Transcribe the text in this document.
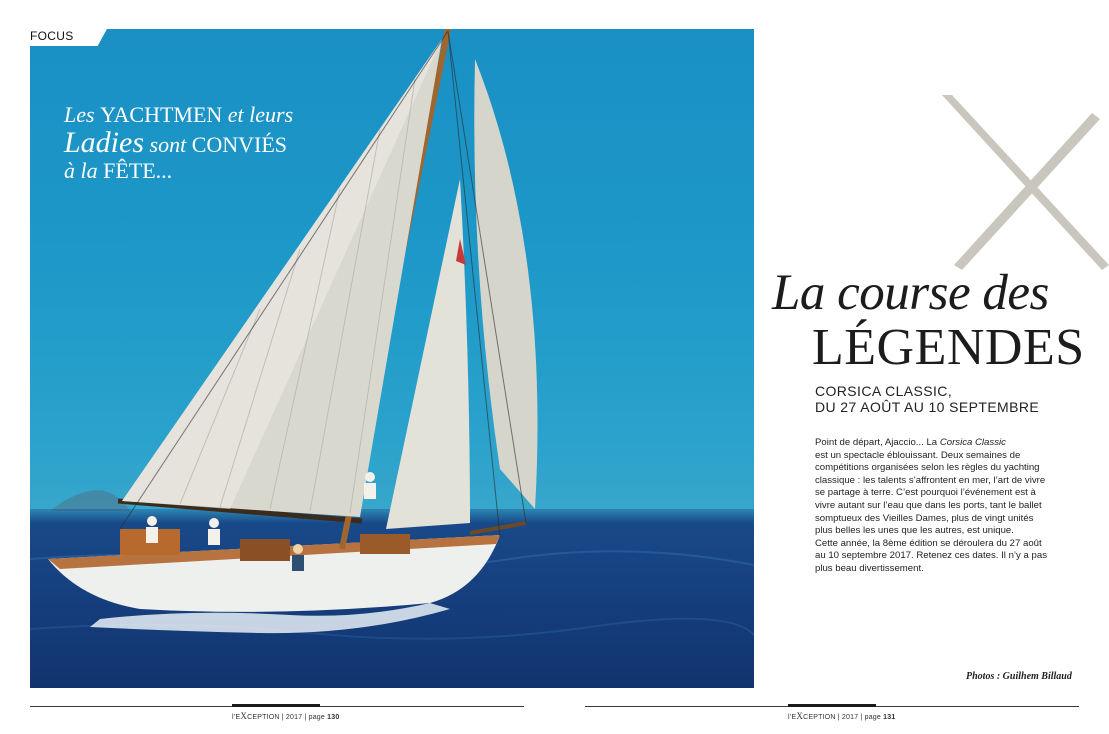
FOCUS
Les YACHTMEN et leurs
Ladies sont CONVIÉS
à la FÊTE...
La course des
LÉGENDES
CORSICA CLASSIC,
DU 27 AOÛT AU 10 SEPTEMBRE
Point de départ, Ajaccio... La Corsica Classic
est un spectacle éblouissant. Deux semaines de
compétitions organisées selon les règles du yachting
classique : les talents s’affrontent en mer, l’art de vivre
se partage à terre. C’est pourquoi l’événement est à
vivre autant sur l’eau que dans les ports, tant le ballet
somptueux des Vieilles Dames, plus de vingt unités
plus belles les unes que les autres, est unique.
Cette année, la 8ème édition se déroulera du 27 août
au 10 septembre 2017. Retenez ces dates. Il n’y a pas
plus beau divertissement.
Photos : Guilhem Billaud
l’EXCEPTION | 2017 | page 130	l’EXCEPTION | 2017 | page 131
